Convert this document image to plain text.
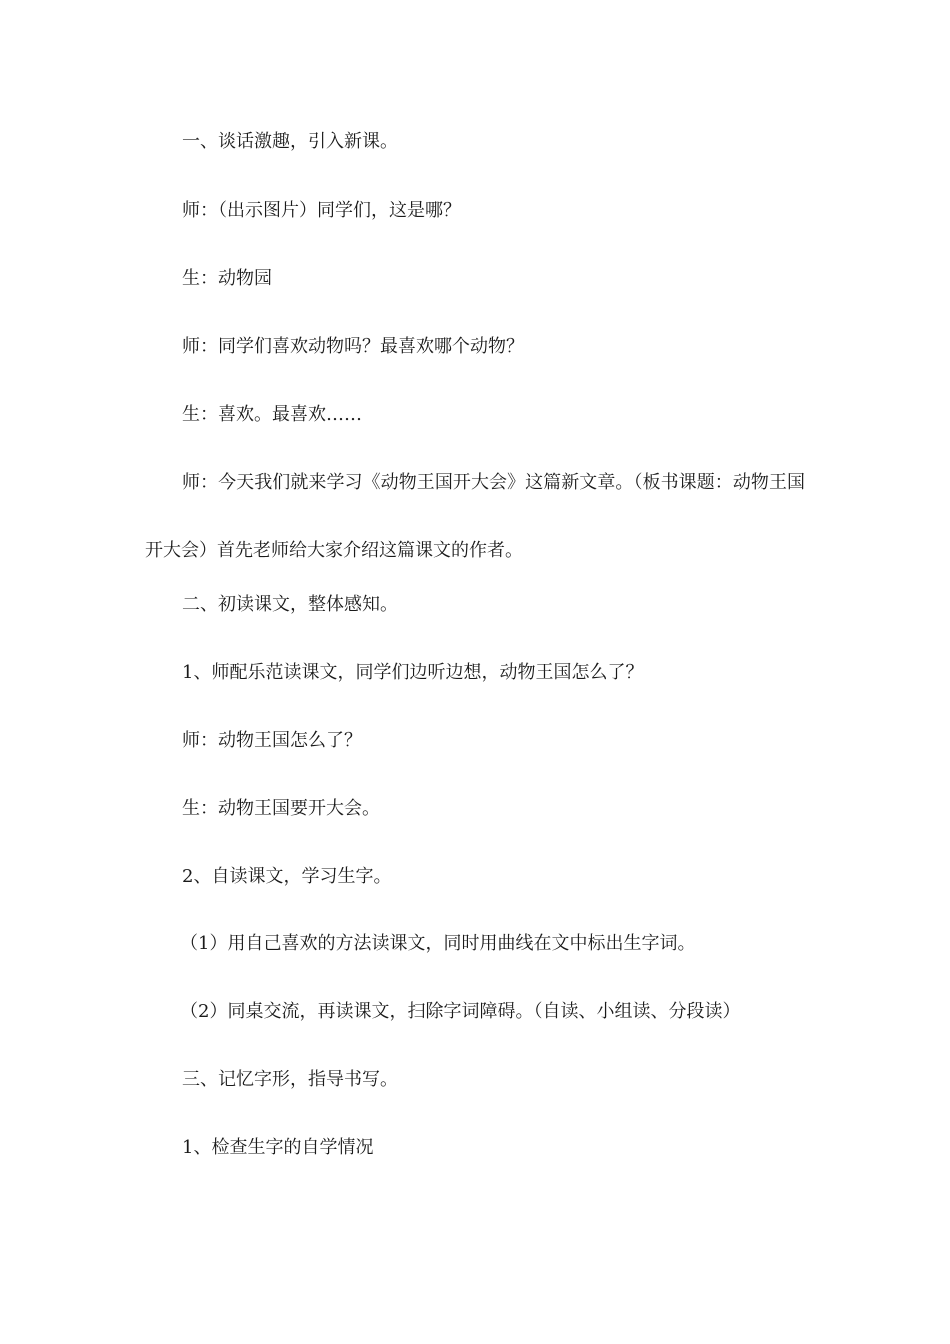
一、谈话激趣，引入新课。

师：（出示图片）同学们，这是哪？

生：动物园

师：同学们喜欢动物吗？最喜欢哪个动物？

生：喜欢。最喜欢……

师：今天我们就来学习《动物王国开大会》这篇新文章。（板书课题：动物王国开大会）首先老师给大家介绍这篇课文的作者。

二、初读课文，整体感知。

1、师配乐范读课文，同学们边听边想，动物王国怎么了？

师：动物王国怎么了？

生：动物王国要开大会。

2、自读课文，学习生字。

（1）用自己喜欢的方法读课文，同时用曲线在文中标出生字词。

（2）同桌交流，再读课文，扫除字词障碍。（自读、小组读、分段读）

三、记忆字形，指导书写。

1、检查生字的自学情况
